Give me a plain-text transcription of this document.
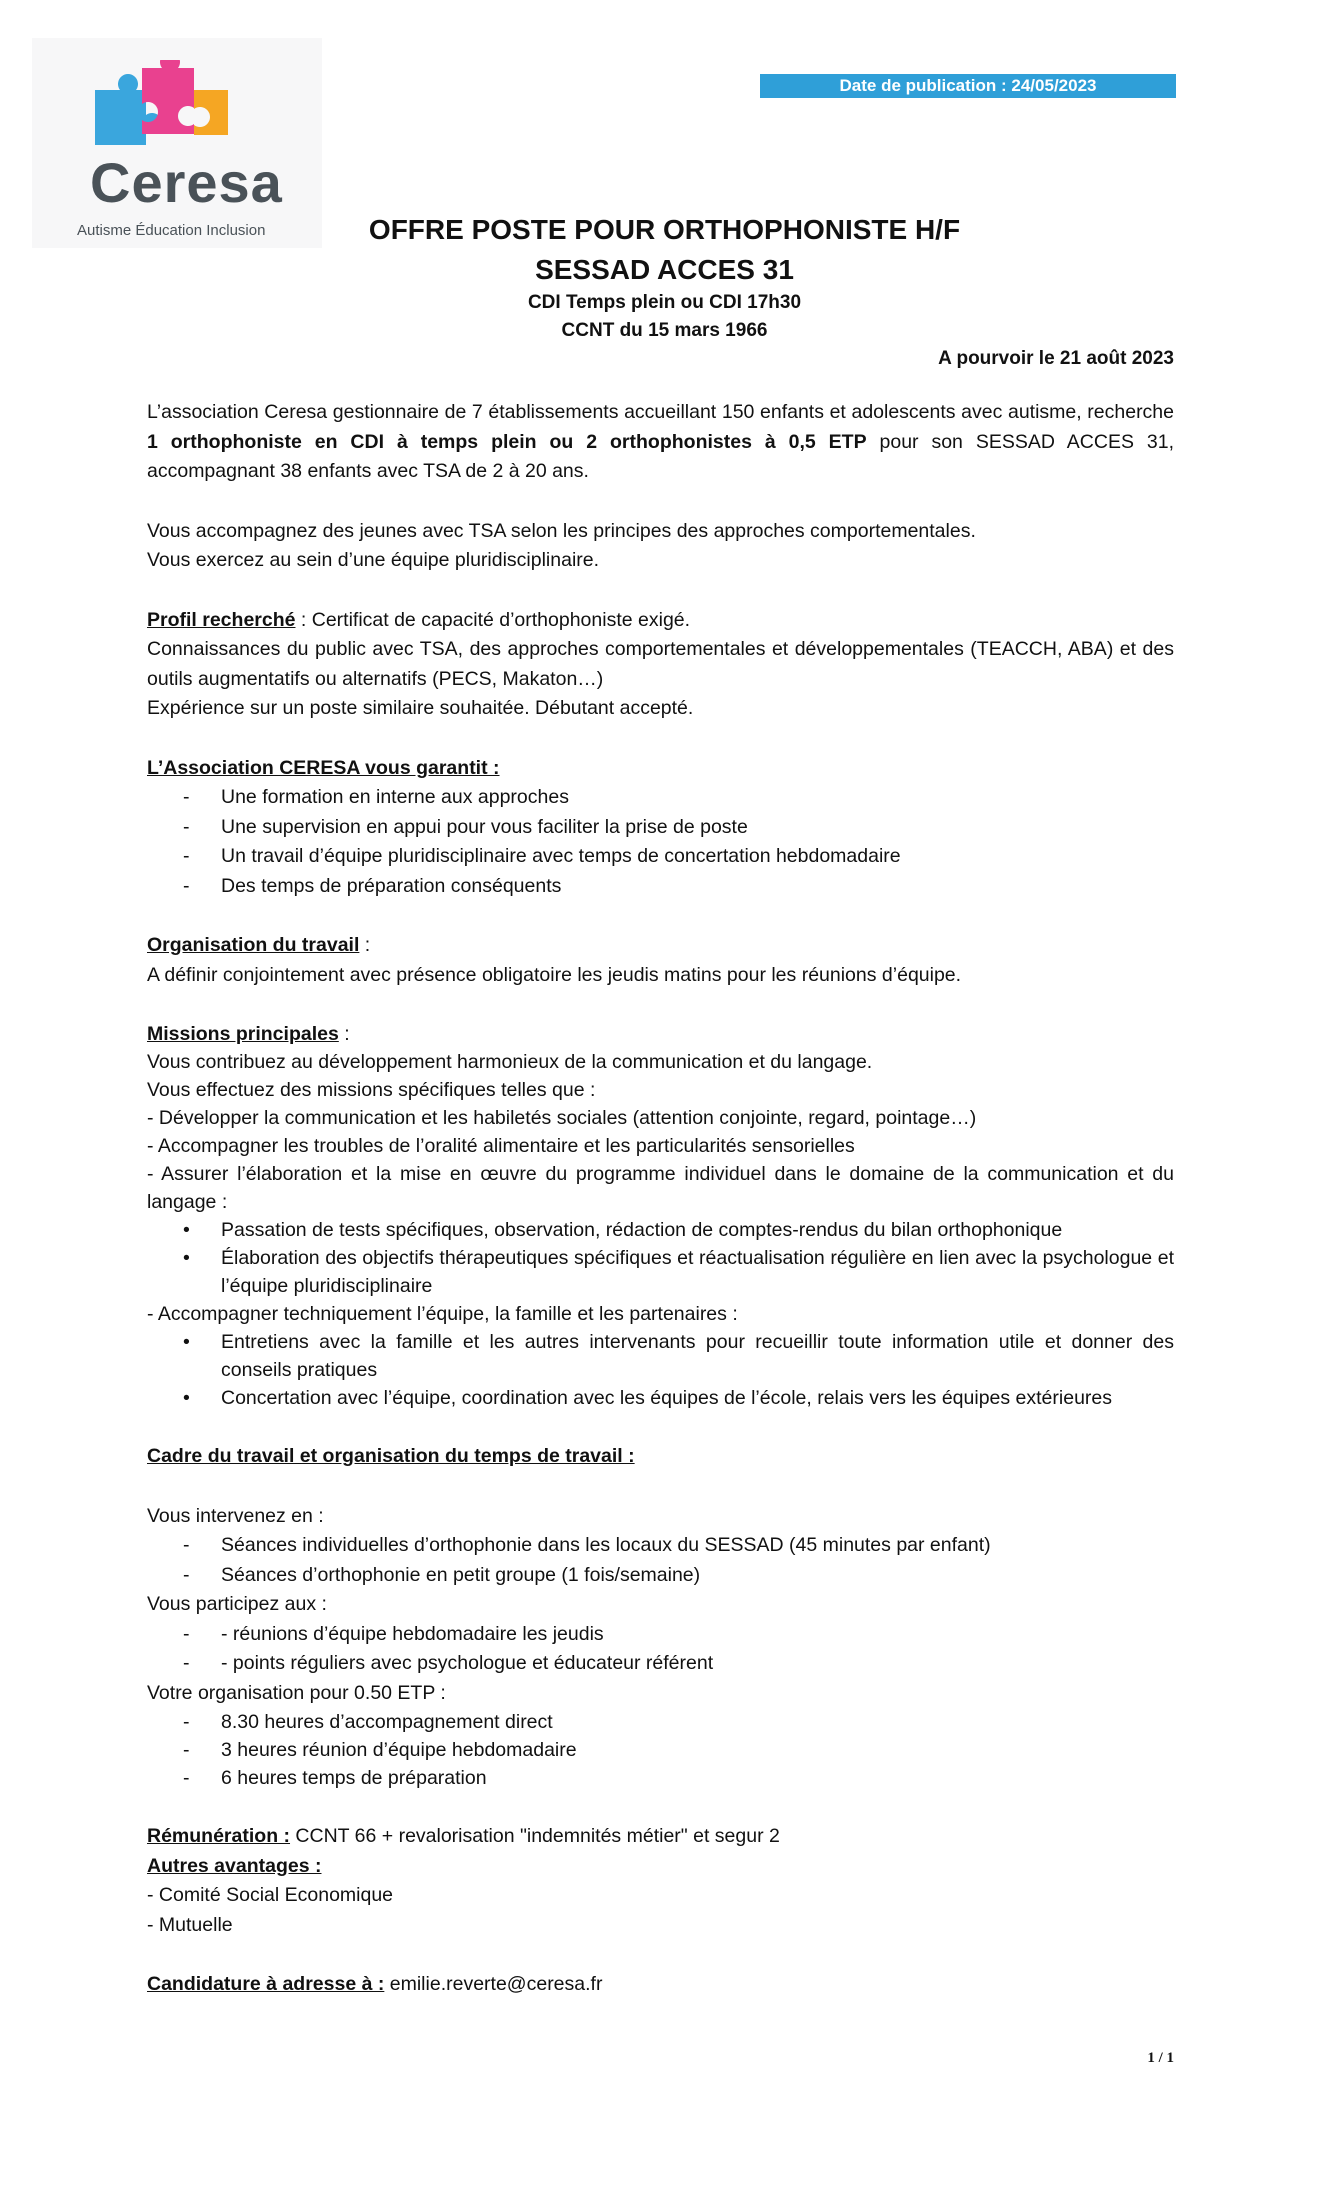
Ceresa
Autisme Éducation Inclusion
Date de publication : 24/05/2023
OFFRE POSTE POUR ORTHOPHONISTE H/F
SESSAD ACCES 31
CDI Temps plein ou CDI 17h30
CCNT du 15 mars 1966
A pourvoir le 21 août 2023

L’association Ceresa gestionnaire de 7 établissements accueillant 150 enfants et adolescents avec autisme, recherche 1 orthophoniste en CDI à temps plein ou 2 orthophonistes à 0,5 ETP pour son SESSAD ACCES 31, accompagnant 38 enfants avec TSA de 2 à 20 ans.

Vous accompagnez des jeunes avec TSA selon les principes des approches comportementales.

Vous exercez au sein d’une équipe pluridisciplinaire.

Profil recherché : Certificat de capacité d’orthophoniste exigé.

Connaissances du public avec TSA, des approches comportementales et développementales (TEACCH, ABA) et des outils augmentatifs ou alternatifs (PECS, Makaton…)

Expérience sur un poste similaire souhaitée. Débutant accepté.

L’Association CERESA vous garantit :

- Une formation en interne aux approches
- Une supervision en appui pour vous faciliter la prise de poste
- Un travail d’équipe pluridisciplinaire avec temps de concertation hebdomadaire
- Des temps de préparation conséquents

Organisation du travail :

A définir conjointement avec présence obligatoire les jeudis matins pour les réunions d’équipe.

Missions principales :

Vous contribuez au développement harmonieux de la communication et du langage.

Vous effectuez des missions spécifiques telles que :

- Développer la communication et les habiletés sociales (attention conjointe, regard, pointage…)

- Accompagner les troubles de l’oralité alimentaire et les particularités sensorielles

- Assurer l’élaboration et la mise en œuvre du programme individuel dans le domaine de la communication et du langage :

• Passation de tests spécifiques, observation, rédaction de comptes-rendus du bilan orthophonique
• Élaboration des objectifs thérapeutiques spécifiques et réactualisation régulière en lien avec la psychologue et l’équipe pluridisciplinaire

- Accompagner techniquement l’équipe, la famille et les partenaires :

• Entretiens avec la famille et les autres intervenants pour recueillir toute information utile et donner des conseils pratiques
• Concertation avec l’équipe, coordination avec les équipes de l’école, relais vers les équipes extérieures

Cadre du travail et organisation du temps de travail :

Vous intervenez en :

- Séances individuelles d’orthophonie dans les locaux du SESSAD (45 minutes par enfant)
- Séances d’orthophonie en petit groupe (1 fois/semaine)

Vous participez aux :

- - réunions d’équipe hebdomadaire les jeudis
- - points réguliers avec psychologue et éducateur référent

Votre organisation pour 0.50 ETP :

- 8.30 heures d’accompagnement direct
- 3 heures réunion d’équipe hebdomadaire
- 6 heures temps de préparation

Rémunération : CCNT 66 + revalorisation "indemnités métier" et segur 2

Autres avantages :

- Comité Social Economique

- Mutuelle

Candidature à adresse à : emilie.reverte@ceresa.fr

1 / 1
